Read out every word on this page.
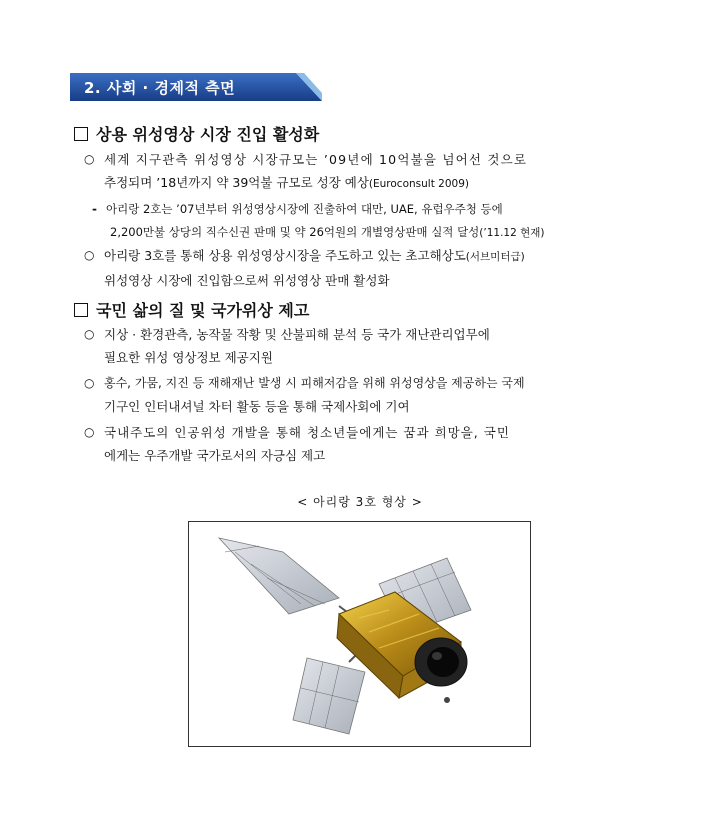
2. 사회 · 경제적 측면
상용 위성영상 시장 진입 활성화
○ 세계 지구관측 위성영상 시장규모는 ’09년에 10억불을 넘어선 것으로
추정되며 ’18년까지 약 39억불 규모로 성장 예상(Euroconsult 2009)
- 아리랑 2호는 ’07년부터 위성영상시장에 진출하여 대만, UAE, 유럽우주청 등에
2,200만불 상당의 직수신권 판매 및 약 26억원의 개별영상판매 실적 달성(’11.12 현재)
○ 아리랑 3호를 통해 상용 위성영상시장을 주도하고 있는 초고해상도(서브미터급)
위성영상 시장에 진입함으로써 위성영상 판매 활성화
국민 삶의 질 및 국가위상 제고
○ 지상 · 환경관측, 농작물 작황 및 산불피해 분석 등 국가 재난관리업무에
필요한 위성 영상정보 제공지원
○ 홍수, 가뭄, 지진 등 재해재난 발생 시 피해저감을 위해 위성영상을 제공하는 국제
기구인 인터내셔널 차터 활동 등을 통해 국제사회에 기여
○ 국내주도의 인공위성 개발을 통해 청소년들에게는 꿈과 희망을, 국민
에게는 우주개발 국가로서의 자긍심 제고
< 아리랑 3호 형상 >
